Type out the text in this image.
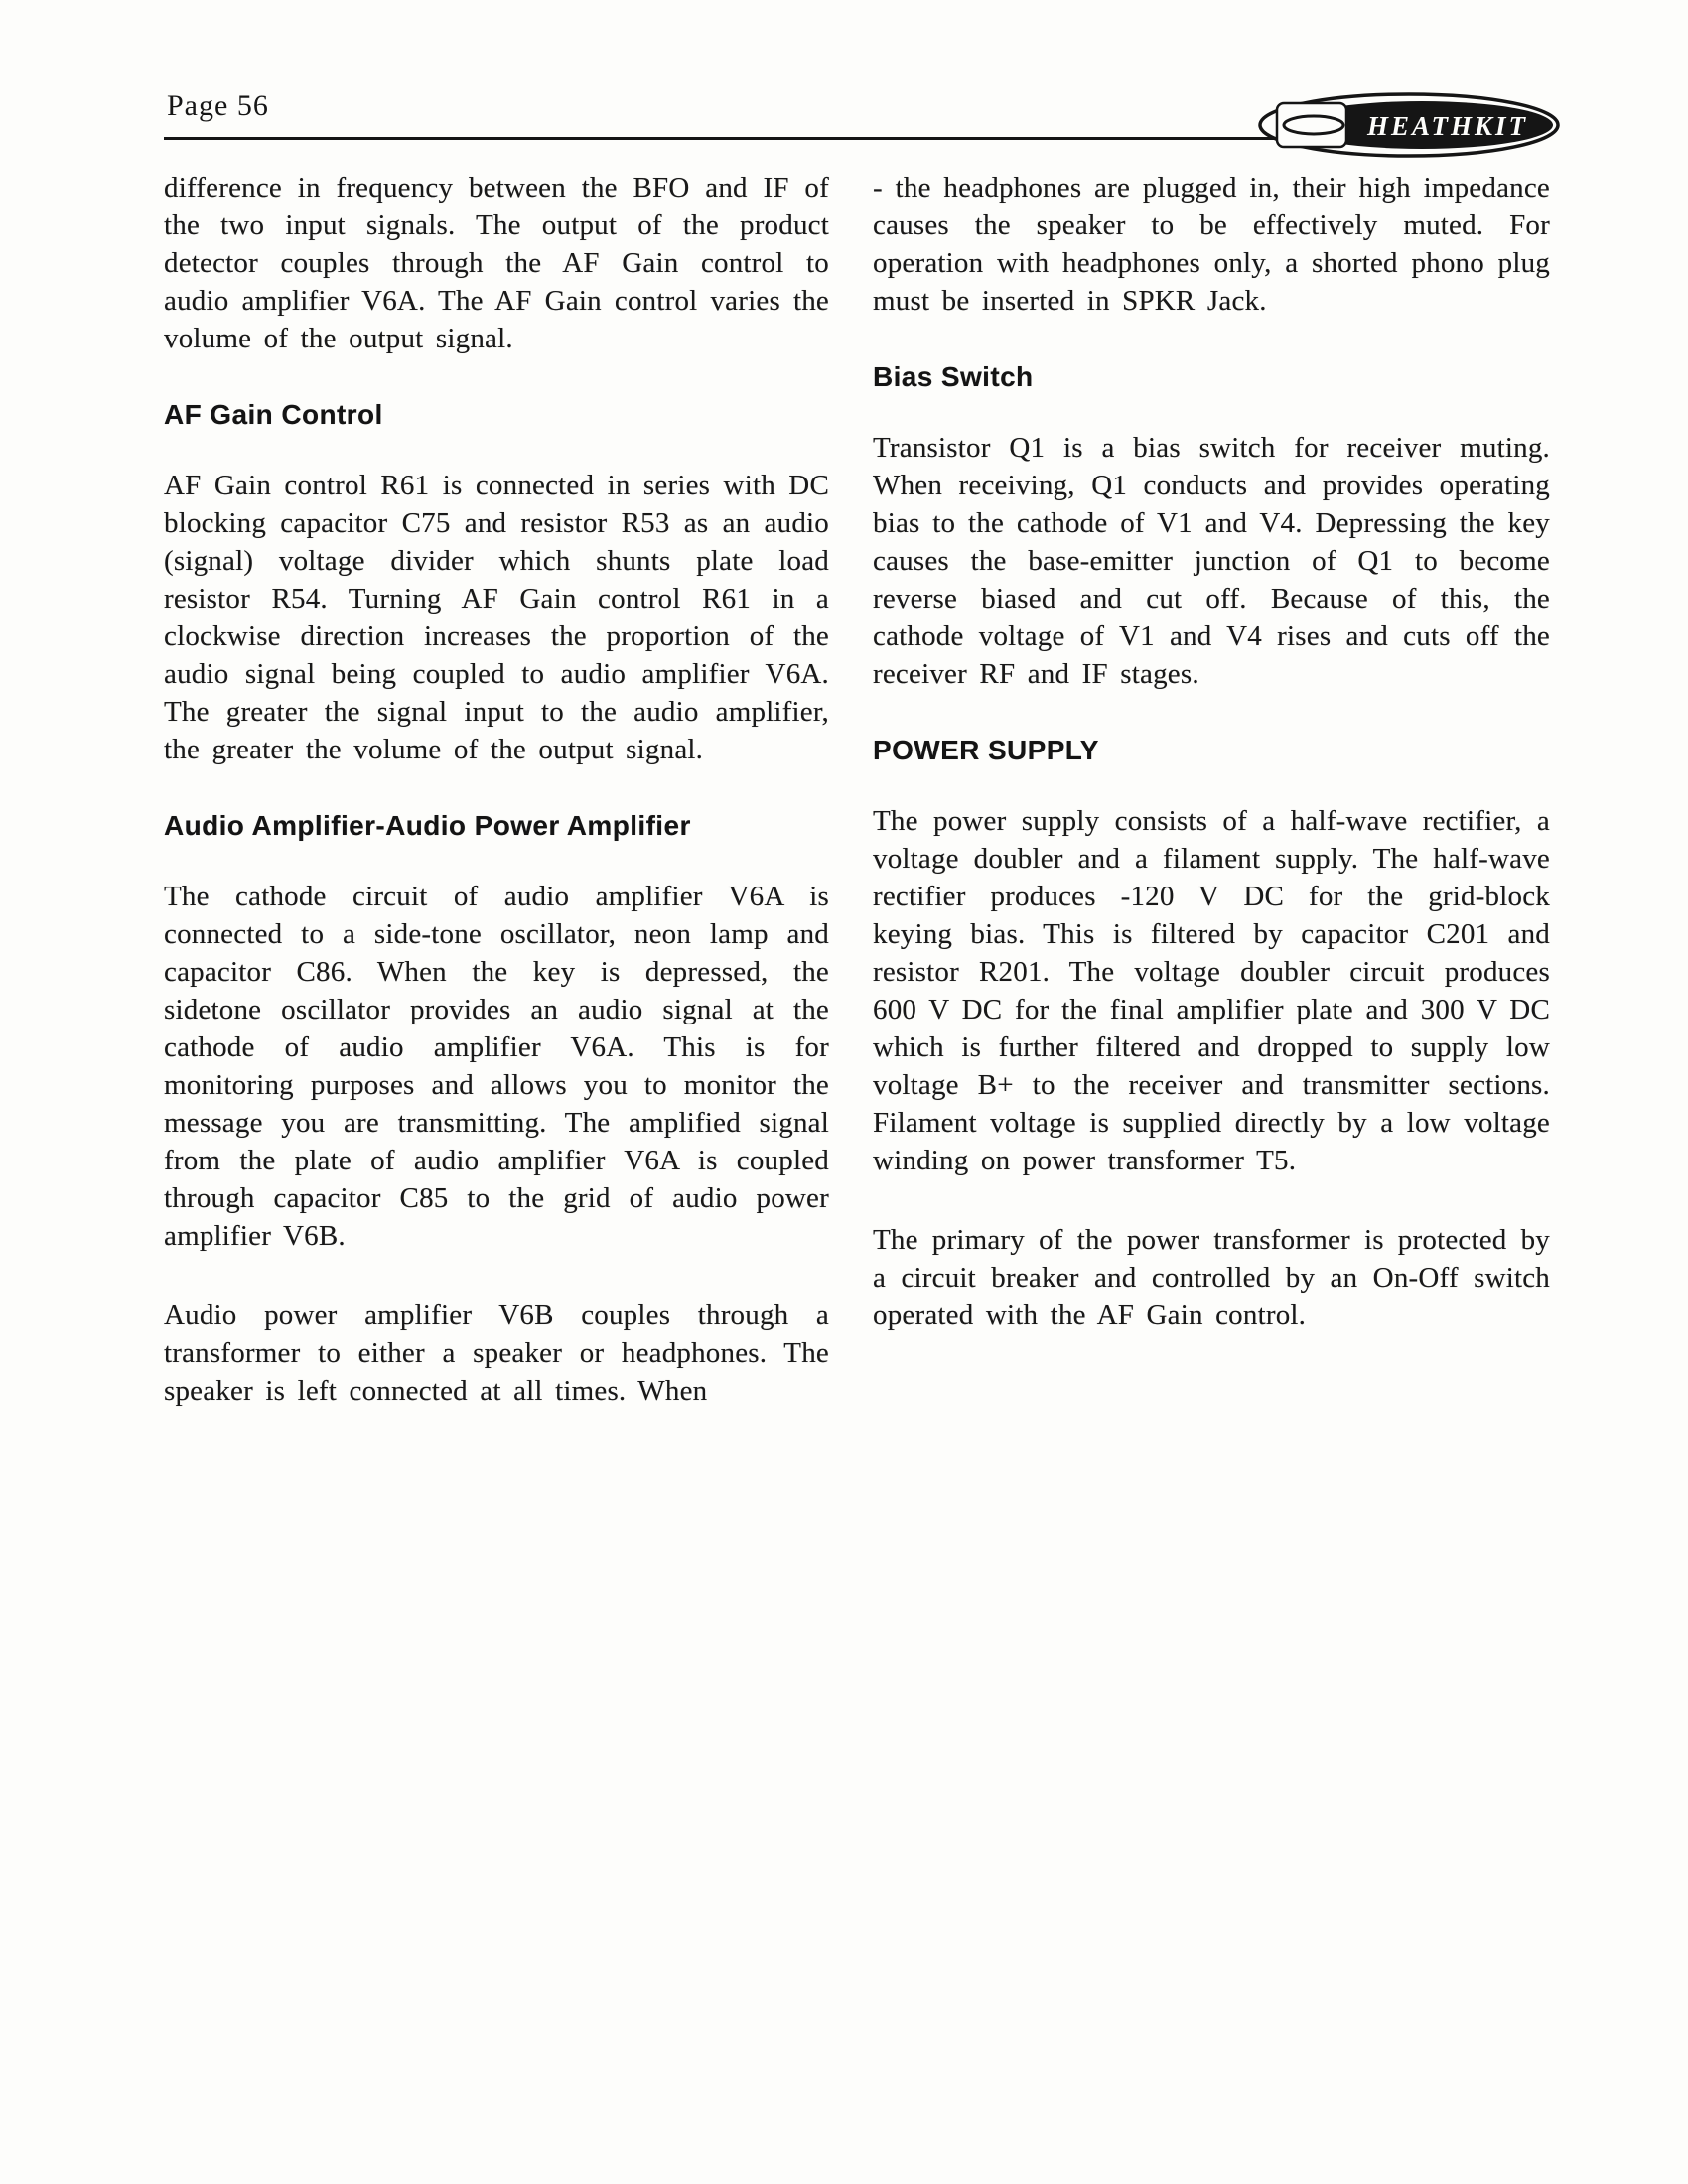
Page 56
HEATHKIT

difference in frequency between the BFO and IF of the two input signals. The output of the product detector couples through the AF Gain control to audio amplifier V6A. The AF Gain control varies the volume of the output signal.

AF Gain Control

AF Gain control R61 is connected in series with DC blocking capacitor C75 and resistor R53 as an audio (signal) voltage divider which shunts plate load resistor R54. Turning AF Gain control R61 in a clockwise direction increases the proportion of the audio signal being coupled to audio amplifier V6A. The greater the signal input to the audio amplifier, the greater the volume of the output signal.

Audio Amplifier-Audio Power Amplifier

The cathode circuit of audio amplifier V6A is connected to a side-tone oscillator, neon lamp and capacitor C86. When the key is depressed, the sidetone oscillator provides an audio signal at the cathode of audio amplifier V6A. This is for monitoring purposes and allows you to monitor the message you are transmitting. The amplified signal from the plate of audio amplifier V6A is coupled through capacitor C85 to the grid of audio power amplifier V6B.

Audio power amplifier V6B couples through a transformer to either a speaker or headphones. The speaker is left connected at all times. When

- the headphones are plugged in, their high impedance causes the speaker to be effectively muted. For operation with headphones only, a shorted phono plug must be inserted in SPKR Jack.

Bias Switch

Transistor Q1 is a bias switch for receiver muting. When receiving, Q1 conducts and provides operating bias to the cathode of V1 and V4. Depressing the key causes the base-emitter junction of Q1 to become reverse biased and cut off. Because of this, the cathode voltage of V1 and V4 rises and cuts off the receiver RF and IF stages.

POWER SUPPLY

The power supply consists of a half-wave rectifier, a voltage doubler and a filament supply. The half-wave rectifier produces -120 V DC for the grid-block keying bias. This is filtered by capacitor C201 and resistor R201. The voltage doubler circuit produces 600 V DC for the final amplifier plate and 300 V DC which is further filtered and dropped to supply low voltage B+ to the receiver and transmitter sections. Filament voltage is supplied directly by a low voltage winding on power transformer T5.

The primary of the power transformer is protected by a circuit breaker and controlled by an On-Off switch operated with the AF Gain control.
